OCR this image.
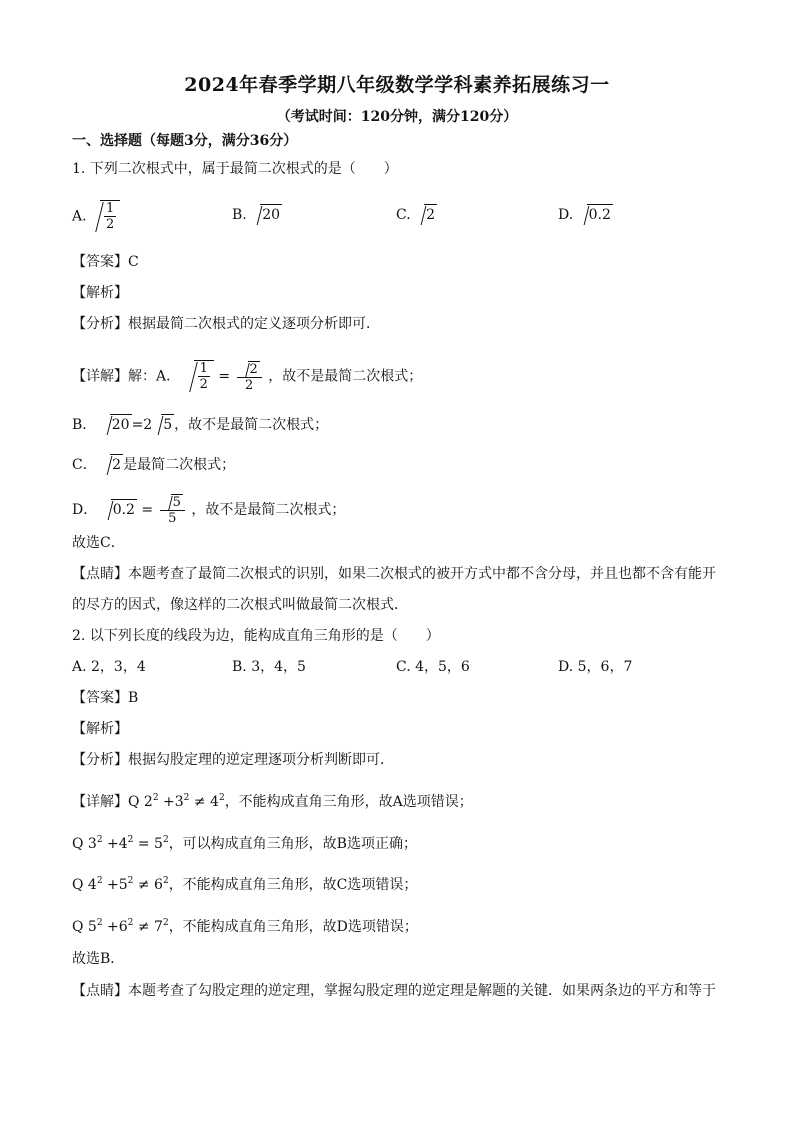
2024年春季学期八年级数学学科素养拓展练习一
（考试时间：120分钟，满分120分）
一、选择题（每题3分，满分36分）
1. 下列二次根式中，属于最简二次根式的是（　　）
A. $\frac{1}{2}$	B. 20	C. 2	D. 0.2
【答案】C
【解析】
【分析】根据最简二次根式的定义逐项分析即可．
【详解】解：A． $\frac{1}{2} = \frac{2}{2}$ ，故不是最简二次根式；
B． 20 =2 5 ，故不是最简二次根式；
C． 2 是最简二次根式；
D． $0.2 = \frac{5}{5}$ ，故不是最简二次根式；
故选C．
【点睛】本题考查了最简二次根式的识别，如果二次根式的被开方式中都不含分母，并且也都不含有能开
的尽方的因式，像这样的二次根式叫做最简二次根式．
2. 以下列长度的线段为边，能构成直角三角形的是（　　）
A. 2，3，4	B. 3，4，5	C. 4，5，6	D. 5，6，7
【答案】B
【解析】
【分析】根据勾股定理的逆定理逐项分析判断即可．
【详解】Q $2^2 +3^2 \ne 4^2$，不能构成直角三角形，故A选项错误；
Q $3^2 +4^2 = 5^2$，可以构成直角三角形，故B选项正确；
Q $4^2 +5^2 \ne 6^2$，不能构成直角三角形，故C选项错误；
Q $5^2 +6^2 \ne 7^2$，不能构成直角三角形，故D选项错误；
故选B．
【点睛】本题考查了勾股定理的逆定理，掌握勾股定理的逆定理是解题的关键．如果两条边的平方和等于
